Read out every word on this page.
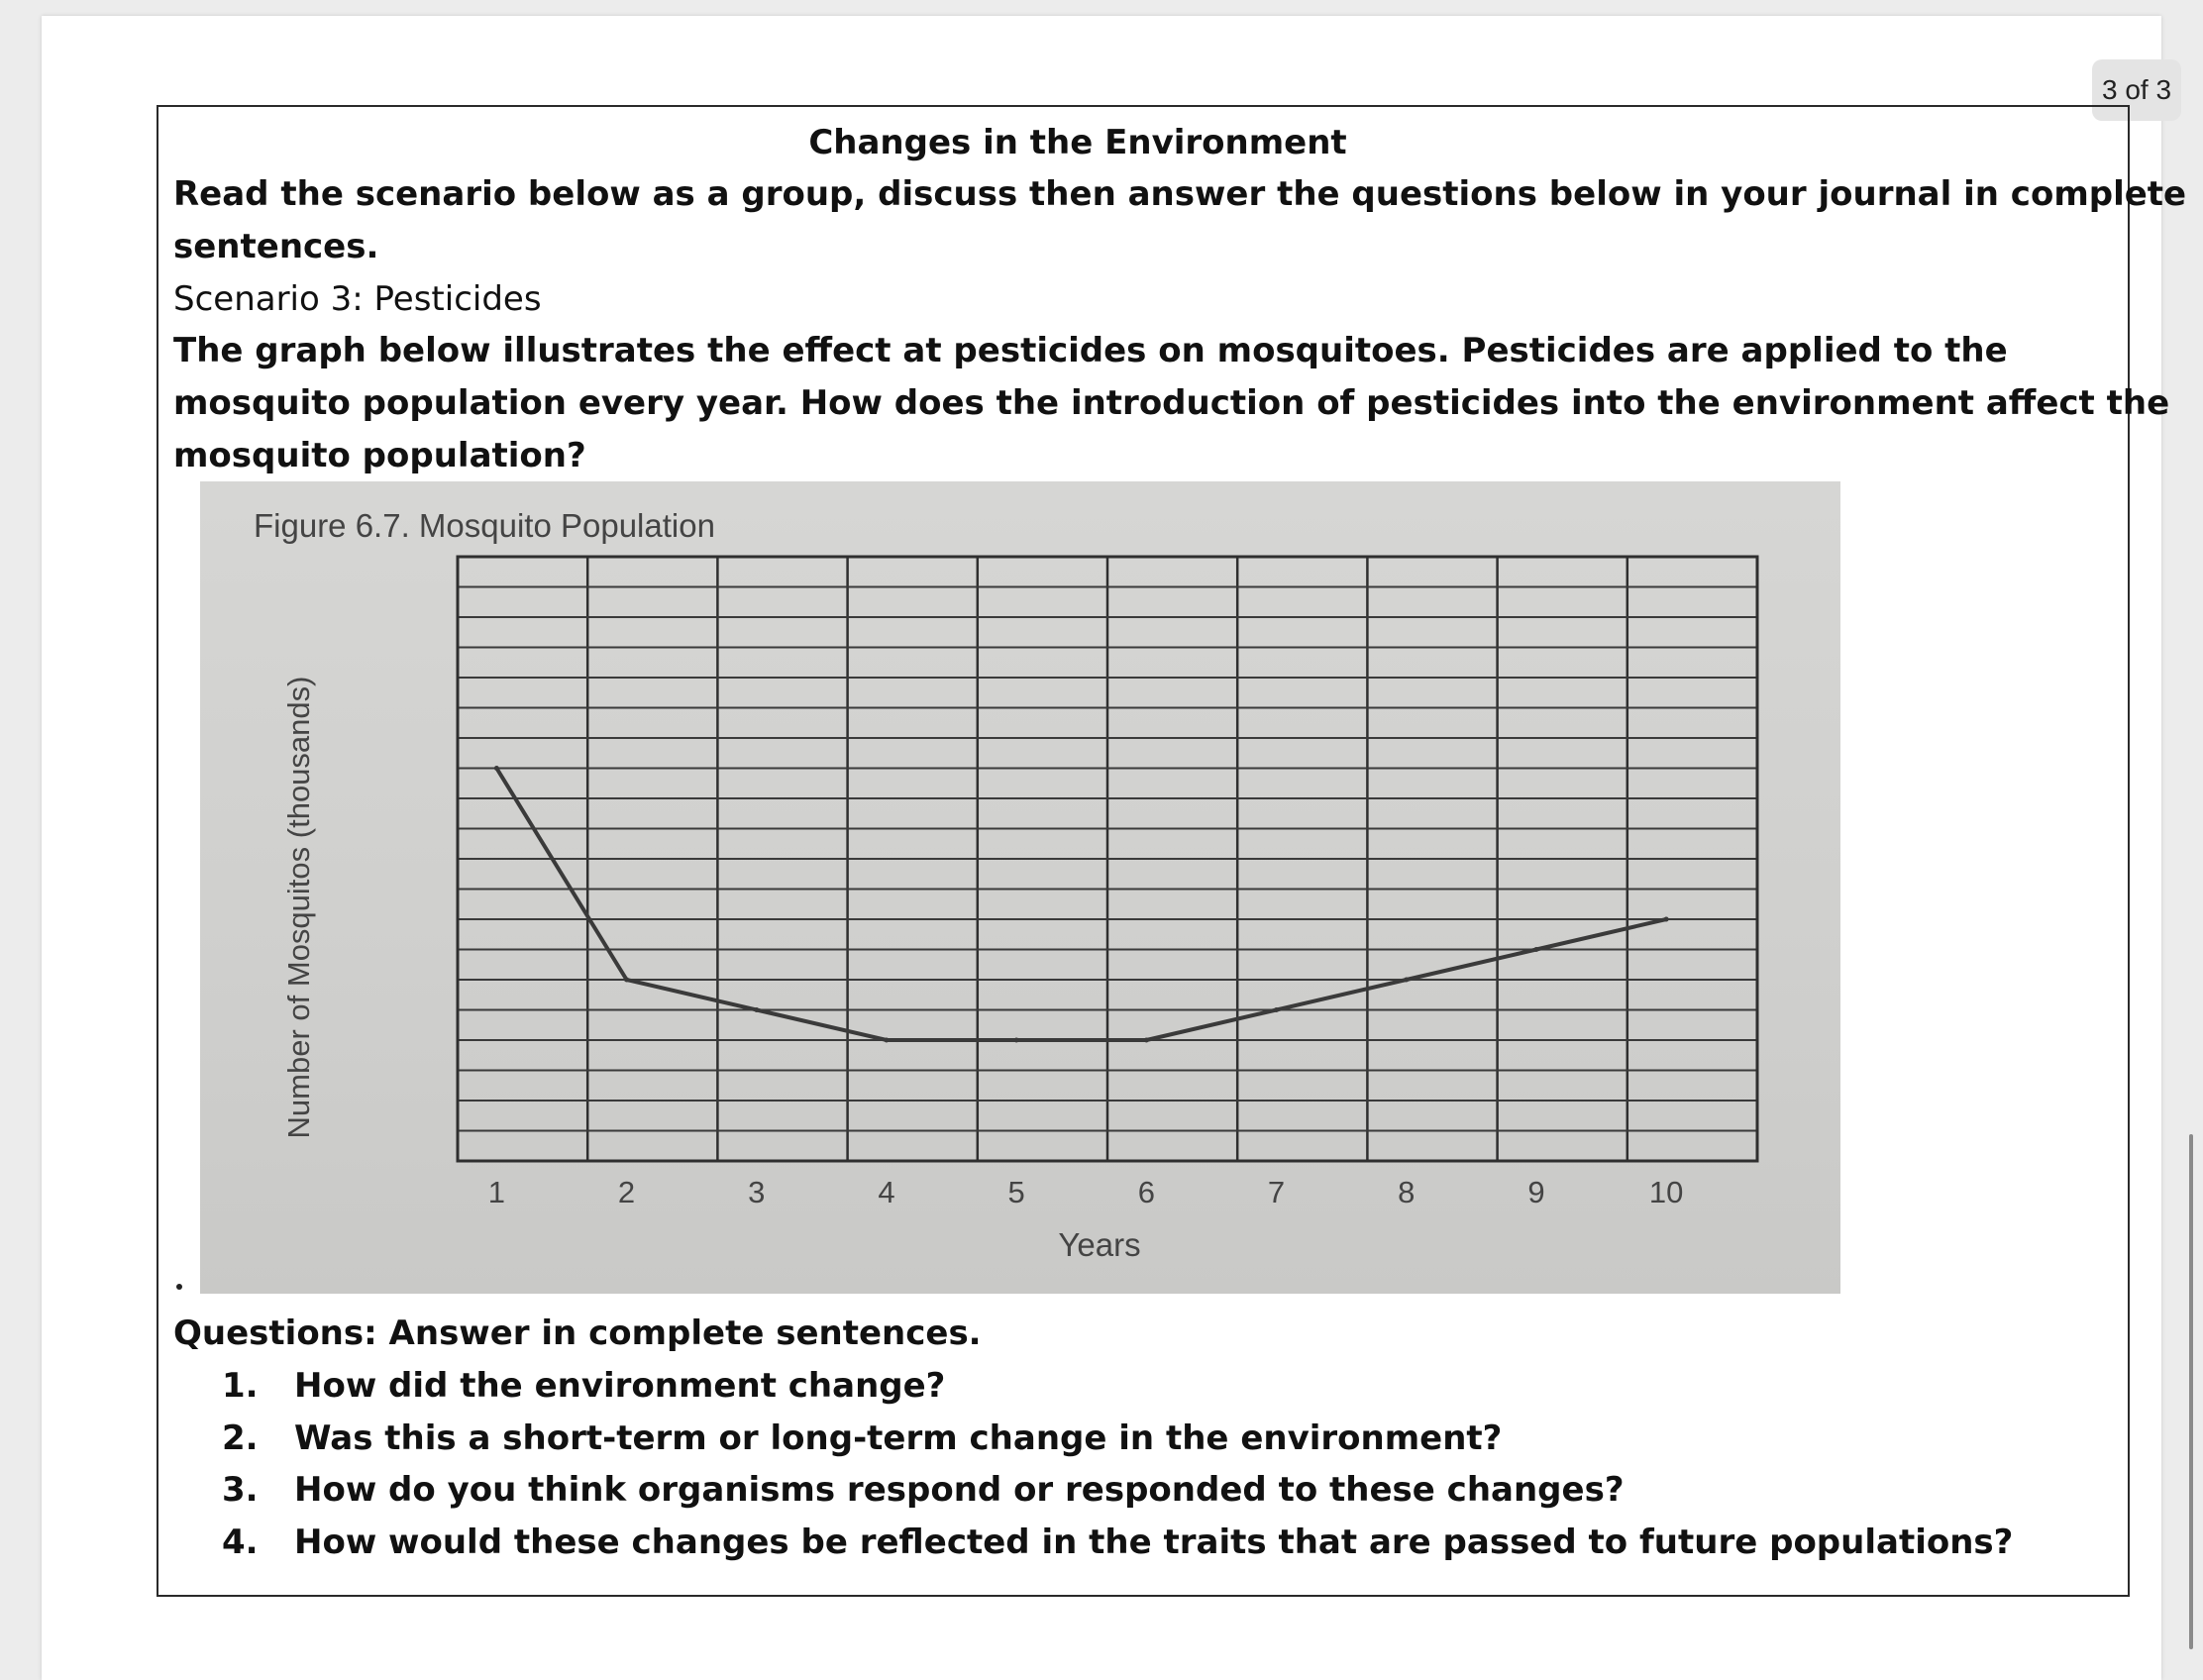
3 of 3
Changes in the Environment
Read the scenario below as a group, discuss then answer the questions below in your journal in complete
sentences.
Scenario 3: Pesticides
The graph below illustrates the effect at pesticides on mosquitoes. Pesticides are applied to the
mosquito population every year. How does the introduction of pesticides into the environment affect the
mosquito population?
1	2	3	4	5	6	7	8	9	10
Figure 6.7. Mosquito Population
Years
Number of Mosquitos (thousands)
Questions: Answer in complete sentences.
1. How did the environment change?
2. Was this a short-term or long-term change in the environment?
3. How do you think organisms respond or responded to these changes?
4. How would these changes be reflected in the traits that are passed to future populations?
